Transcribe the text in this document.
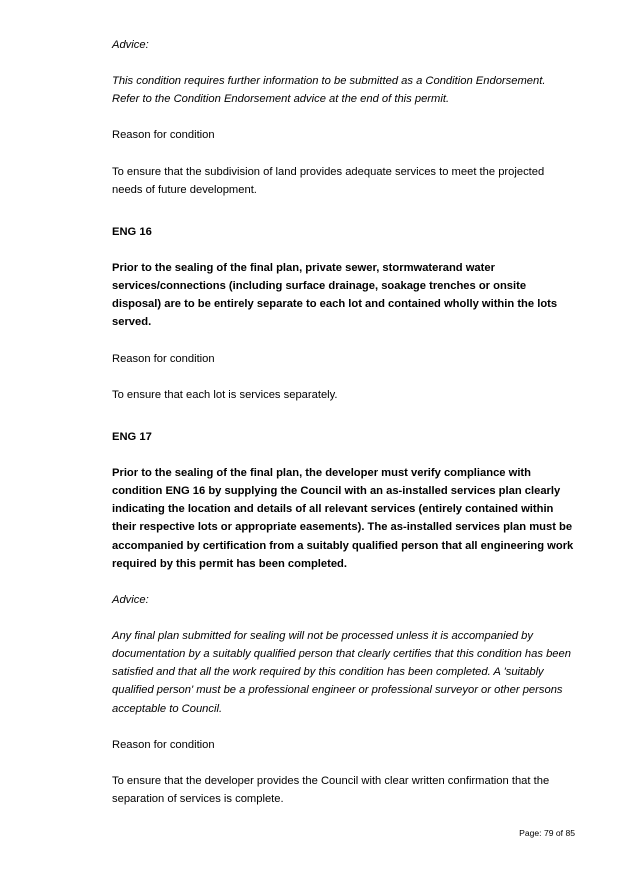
Advice:

This condition requires further information to be submitted as a Condition Endorsement. Refer to the Condition Endorsement advice at the end of this permit.

Reason for condition

To ensure that the subdivision of land provides adequate services to meet the projected needs of future development.

ENG 16

Prior to the sealing of the final plan, private sewer, stormwaterand water services/connections (including surface drainage, soakage trenches or onsite disposal) are to be entirely separate to each lot and contained wholly within the lots served.

Reason for condition

To ensure that each lot is services separately.

ENG 17

Prior to the sealing of the final plan, the developer must verify compliance with condition ENG 16 by supplying the Council with an as-installed services plan clearly indicating the location and details of all relevant services (entirely contained within their respective lots or appropriate easements). The as-installed services plan must be accompanied by certification from a suitably qualified person that all engineering work required by this permit has been completed.

Advice:

Any final plan submitted for sealing will not be processed unless it is accompanied by documentation by a suitably qualified person that clearly certifies that this condition has been satisfied and that all the work required by this condition has been completed. A 'suitably qualified person' must be a professional engineer or professional surveyor or other persons acceptable to Council.

Reason for condition

To ensure that the developer provides the Council with clear written confirmation that the separation of services is complete.

Page: 79 of 85
